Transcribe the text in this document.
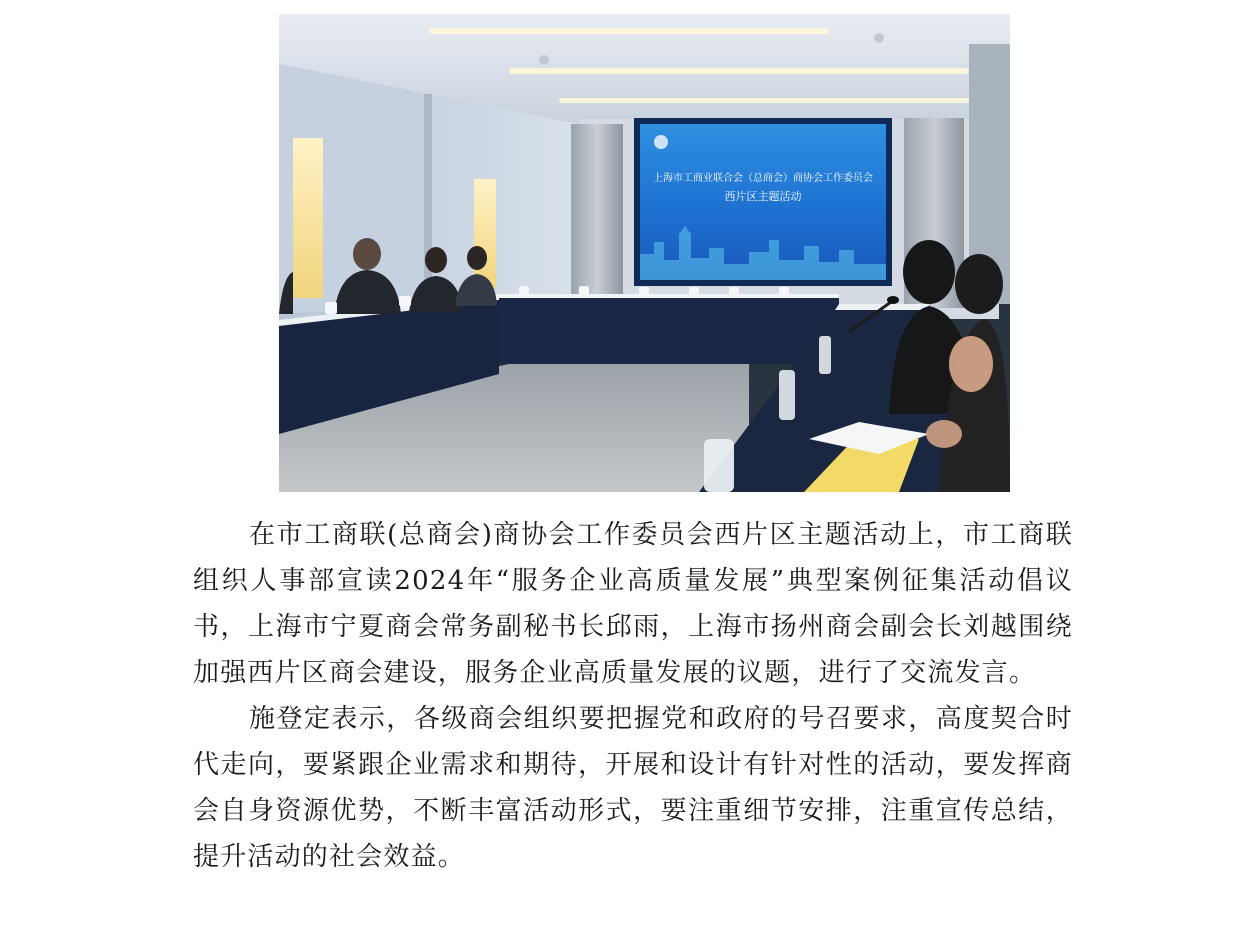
上海市工商业联合会（总商会）商协会工作委员会
西片区主题活动

在市工商联(总商会)商协会工作委员会西片区主题活动上，市工商联组织人事部宣读2024年“服务企业高质量发展”典型案例征集活动倡议书，上海市宁夏商会常务副秘书长邱雨，上海市扬州商会副会长刘越围绕加强西片区商会建设，服务企业高质量发展的议题，进行了交流发言。

施登定表示，各级商会组织要把握党和政府的号召要求，高度契合时代走向，要紧跟企业需求和期待，开展和设计有针对性的活动，要发挥商会自身资源优势，不断丰富活动形式，要注重细节安排，注重宣传总结，提升活动的社会效益。
